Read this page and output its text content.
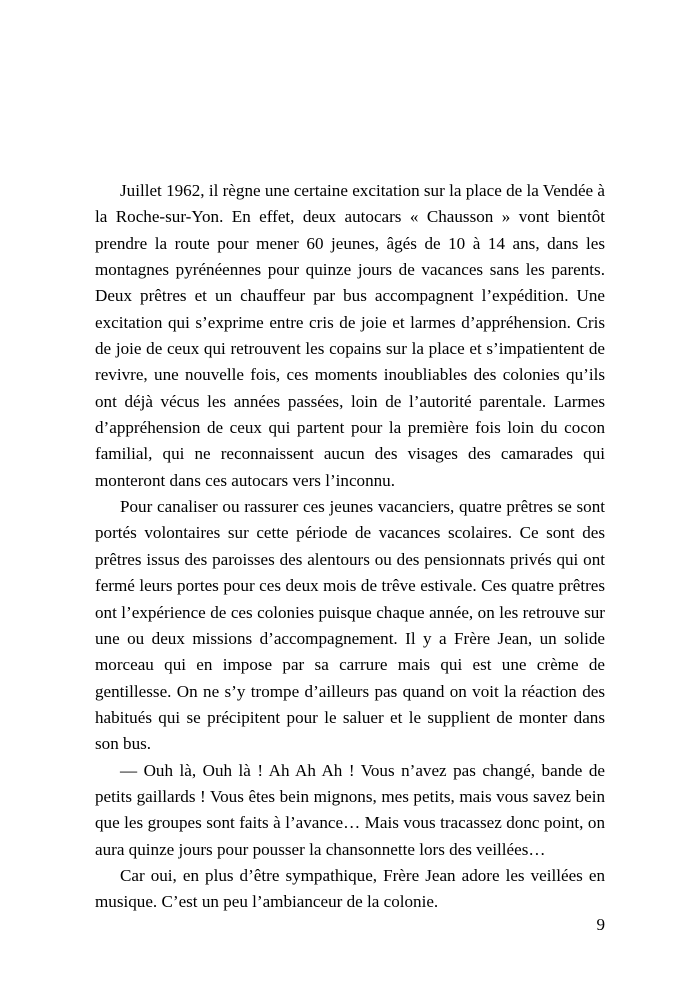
Juillet 1962, il règne une certaine excitation sur la place de la Vendée à la Roche-sur-Yon. En effet, deux autocars « Chausson » vont bientôt prendre la route pour mener 60 jeunes, âgés de 10 à 14 ans, dans les montagnes pyrénéennes pour quinze jours de vacances sans les parents. Deux prêtres et un chauffeur par bus accompagnent l’expédition. Une excitation qui s’exprime entre cris de joie et larmes d’appréhension. Cris de joie de ceux qui retrouvent les copains sur la place et s’impatientent de revivre, une nouvelle fois, ces moments inoubliables des colonies qu’ils ont déjà vécus les années passées, loin de l’autorité parentale. Larmes d’appréhension de ceux qui partent pour la première fois loin du cocon familial, qui ne reconnaissent aucun des visages des camarades qui monteront dans ces autocars vers l’inconnu.

Pour canaliser ou rassurer ces jeunes vacanciers, quatre prêtres se sont portés volontaires sur cette période de vacances scolaires. Ce sont des prêtres issus des paroisses des alentours ou des pensionnats privés qui ont fermé leurs portes pour ces deux mois de trêve estivale. Ces quatre prêtres ont l’expérience de ces colonies puisque chaque année, on les retrouve sur une ou deux missions d’accompagnement. Il y a Frère Jean, un solide morceau qui en impose par sa carrure mais qui est une crème de gentillesse. On ne s’y trompe d’ailleurs pas quand on voit la réaction des habitués qui se précipitent pour le saluer et le supplient de monter dans son bus.

— Ouh là, Ouh là ! Ah Ah Ah ! Vous n’avez pas changé, bande de petits gaillards ! Vous êtes bein mignons, mes petits, mais vous savez bein que les groupes sont faits à l’avance… Mais vous tracassez donc point, on aura quinze jours pour pousser la chansonnette lors des veillées…

Car oui, en plus d’être sympathique, Frère Jean adore les veillées en musique. C’est un peu l’ambianceur de la colonie.

9
